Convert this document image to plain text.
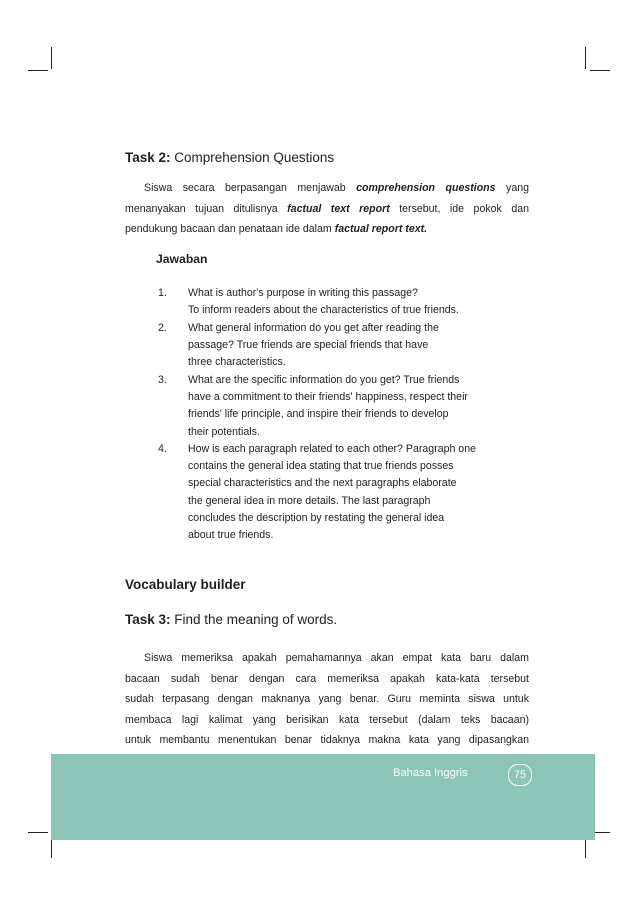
Task 2: Comprehension Questions
Siswa secara berpasangan menjawab comprehension questions yang
menanyakan tujuan ditulisnya factual text report tersebut, ide pokok dan
pendukung bacaan dan penataan ide dalam factual report text.
Jawaban
1.	What is author's purpose in writing this passage?
To inform readers about the characteristics of true friends.
2.	What general information do you get after reading the
passage? True friends are special friends that have
three characteristics.
3.	What are the specific information do you get? True friends
have a commitment to their friends' happiness, respect their
friends' life principle, and inspire their friends to develop
their potentials.
4.	How is each paragraph related to each other? Paragraph one
contains the general idea stating that true friends posses
special characteristics and the next paragraphs elaborate
the general idea in more details. The last paragraph
concludes the description by restating the general idea
about true friends.
Vocabulary builder
Task 3: Find the meaning of words.
Siswa memeriksa apakah pemahamannya akan empat kata baru dalam
bacaan sudah benar dengan cara memeriksa apakah kata-kata tersebut
sudah terpasang dengan maknanya yang benar. Guru meminta siswa untuk
membaca lagi kalimat yang berisikan kata tersebut (dalam teks bacaan)
untuk membantu menentukan benar tidaknya makna kata yang dipasangkan
Bahasa Inggris	75
